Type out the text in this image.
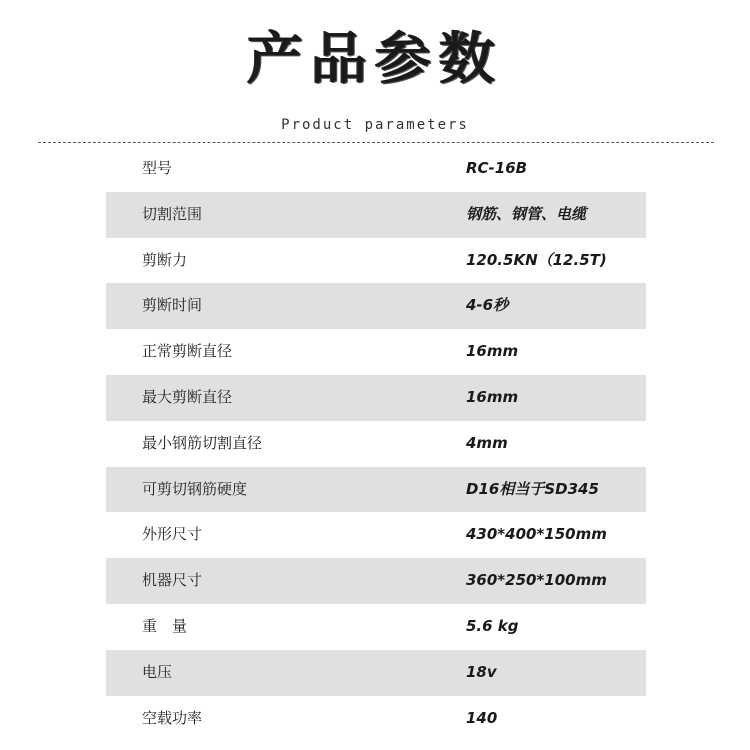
产品参数
Product parameters
型号	RC-16B
切割范围	钢筋、钢管、电缆
剪断力	120.5KN（12.5T)
剪断时间	4-6秒
正常剪断直径	16mm
最大剪断直径	16mm
最小钢筋切割直径	4mm
可剪切钢筋硬度	D16相当于SD345
外形尺寸	430*400*150mm
机器尺寸	360*250*100mm
重　量	5.6 kg
电压	18v
空载功率	140
